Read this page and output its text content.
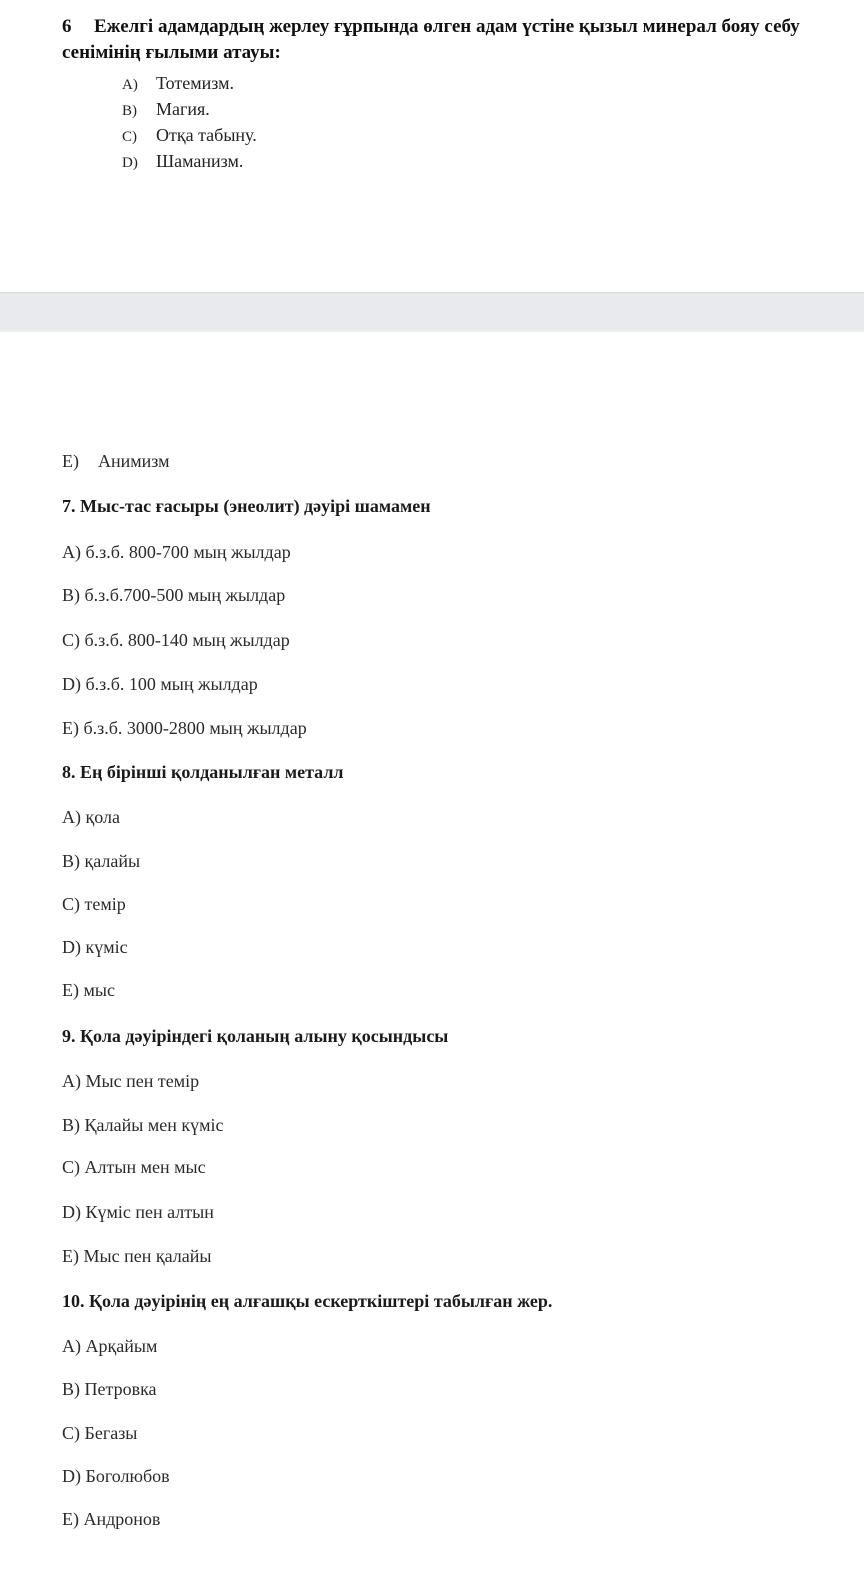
6 Ежелгі адамдардың жерлеу ғұрпында өлген адам үстіне қызыл минерал бояу себу сенімінің ғылыми атауы:
A) Тотемизм.
B) Магия.
C) Отқа табыну.
D) Шаманизм.
E) Анимизм
7. Мыс-тас ғасыры (энеолит) дәуірі шамамен
A) б.з.б. 800-700 мың жылдар
B) б.з.б.700-500 мың жылдар
C) б.з.б. 800-140 мың жылдар
D) б.з.б. 100 мың жылдар
E) б.з.б. 3000-2800 мың жылдар
8. Ең бірінші қолданылған металл
A) қола
B) қалайы
C) темір
D) күміс
E) мыс
9. Қола дәуіріндегі қоланың алыну қосындысы
A) Мыс пен темір
B) Қалайы мен күміс
C) Алтын мен мыс
D) Күміс пен алтын
E) Мыс пен қалайы
10. Қола дәуірінің ең алғашқы ескерткіштері табылған жер.
A) Арқайым
B) Петровка
C) Бегазы
D) Боголюбов
E) Андронов
